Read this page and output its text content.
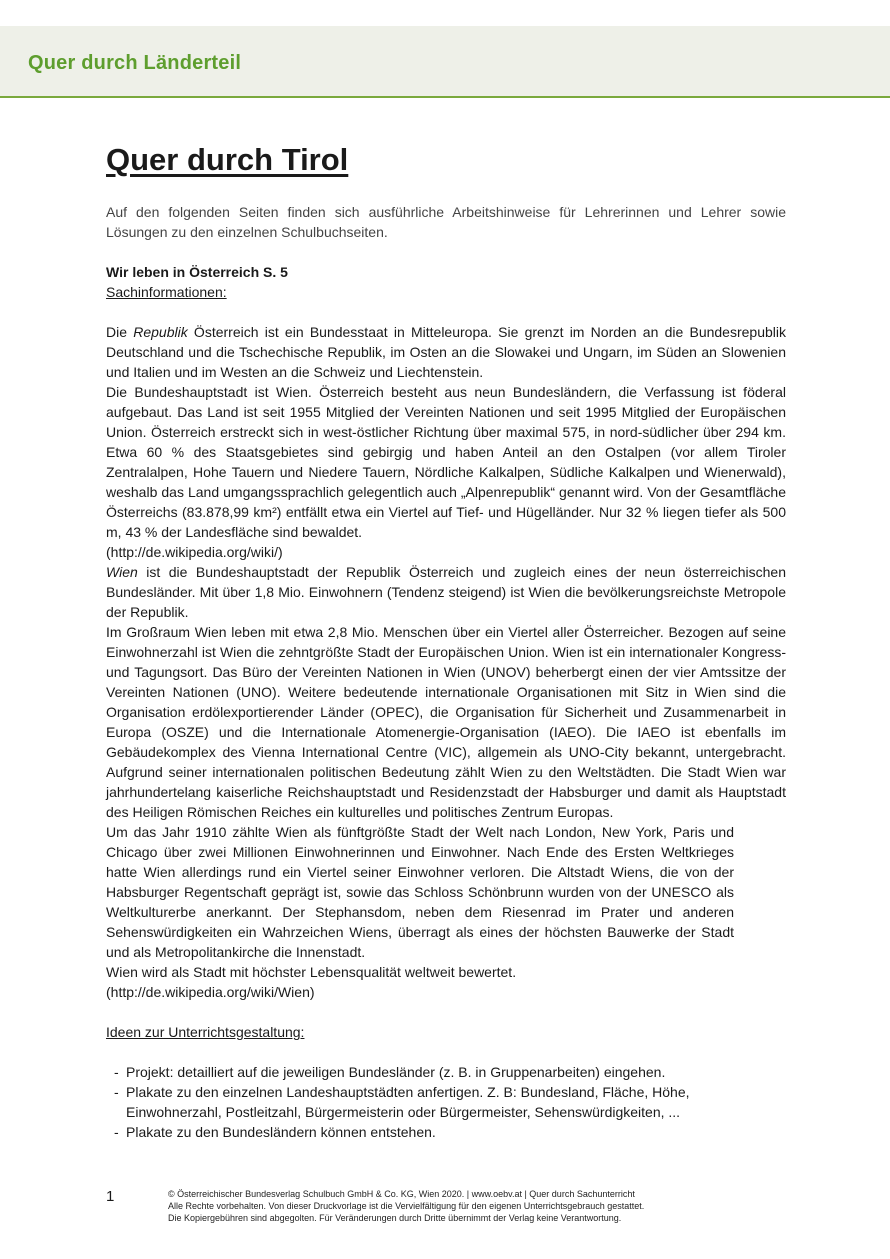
Quer durch Länderteil
Quer durch Tirol

Auf den folgenden Seiten finden sich ausführliche Arbeitshinweise für Lehrerinnen und Lehrer sowie Lösungen zu den einzelnen Schulbuchseiten.

Wir leben in Österreich S. 5
Sachinformationen:

Die Republik Österreich ist ein Bundesstaat in Mitteleuropa. Sie grenzt im Norden an die Bundesrepublik Deutschland und die Tschechische Republik, im Osten an die Slowakei und Ungarn, im Süden an Slowenien und Italien und im Westen an die Schweiz und Liechtenstein.

Die Bundeshauptstadt ist Wien. Österreich besteht aus neun Bundesländern, die Verfassung ist föderal aufgebaut. Das Land ist seit 1955 Mitglied der Vereinten Nationen und seit 1995 Mitglied der Europäischen Union. Österreich erstreckt sich in west-östlicher Richtung über maximal 575, in nord-südlicher über 294 km. Etwa 60 % des Staatsgebietes sind gebirgig und haben Anteil an den Ostalpen (vor allem Tiroler Zentralalpen, Hohe Tauern und Niedere Tauern, Nördliche Kalkalpen, Südliche Kalkalpen und Wienerwald), weshalb das Land umgangssprachlich gelegentlich auch „Alpenrepublik“ genannt wird. Von der Gesamtfläche Österreichs (83.878,99 km²) entfällt etwa ein Viertel auf Tief- und Hügelländer. Nur 32 % liegen tiefer als 500 m, 43 % der Landesfläche sind bewaldet.

(http://de.wikipedia.org/wiki/)

Wien ist die Bundeshauptstadt der Republik Österreich und zugleich eines der neun österreichischen Bundesländer. Mit über 1,8 Mio. Einwohnern (Tendenz steigend) ist Wien die bevölkerungsreichste Metropole der Republik.

Im Großraum Wien leben mit etwa 2,8 Mio. Menschen über ein Viertel aller Österreicher. Bezogen auf seine Einwohnerzahl ist Wien die zehntgrößte Stadt der Europäischen Union. Wien ist ein internationaler Kongress- und Tagungsort. Das Büro der Vereinten Nationen in Wien (UNOV) beherbergt einen der vier Amtssitze der Vereinten Nationen (UNO). Weitere bedeutende internationale Organisationen mit Sitz in Wien sind die Organisation erdölexportierender Länder (OPEC), die Organisation für Sicherheit und Zusammenarbeit in Europa (OSZE) und die Internationale Atomenergie-Organisation (IAEO). Die IAEO ist ebenfalls im Gebäudekomplex des Vienna International Centre (VIC), allgemein als UNO-City bekannt, untergebracht. Aufgrund seiner internationalen politischen Bedeutung zählt Wien zu den Weltstädten. Die Stadt Wien war jahrhundertelang kaiserliche Reichshauptstadt und Residenzstadt der Habsburger und damit als Hauptstadt des Heiligen Römischen Reiches ein kulturelles und politisches Zentrum Europas.

Um das Jahr 1910 zählte Wien als fünftgrößte Stadt der Welt nach London, New York, Paris und Chicago über zwei Millionen Einwohnerinnen und Einwohner. Nach Ende des Ersten Weltkrieges hatte Wien allerdings rund ein Viertel seiner Einwohner verloren. Die Altstadt Wiens, die von der Habsburger Regentschaft geprägt ist, sowie das Schloss Schönbrunn wurden von der UNESCO als Weltkulturerbe anerkannt. Der Stephansdom, neben dem Riesenrad im Prater und anderen Sehenswürdigkeiten ein Wahrzeichen Wiens, überragt als eines der höchsten Bauwerke der Stadt und als Metropolitankirche die Innenstadt.

Wien wird als Stadt mit höchster Lebensqualität weltweit bewertet.

(http://de.wikipedia.org/wiki/Wien)

Ideen zur Unterrichtsgestaltung:
- Projekt: detailliert auf die jeweiligen Bundesländer (z. B. in Gruppenarbeiten) eingehen.
- Plakate zu den einzelnen Landeshauptstädten anfertigen. Z. B: Bundesland, Fläche, Höhe, Einwohnerzahl, Postleitzahl, Bürgermeisterin oder Bürgermeister, Sehenswürdigkeiten, ...
- Plakate zu den Bundesländern können entstehen.
1	© Österreichischer Bundesverlag Schulbuch GmbH & Co. KG, Wien 2020. | www.oebv.at | Quer durch Sachunterricht
Alle Rechte vorbehalten. Von dieser Druckvorlage ist die Vervielfältigung für den eigenen Unterrichtsgebrauch gestattet.
Die Kopiergebühren sind abgegolten. Für Veränderungen durch Dritte übernimmt der Verlag keine Verantwortung.
